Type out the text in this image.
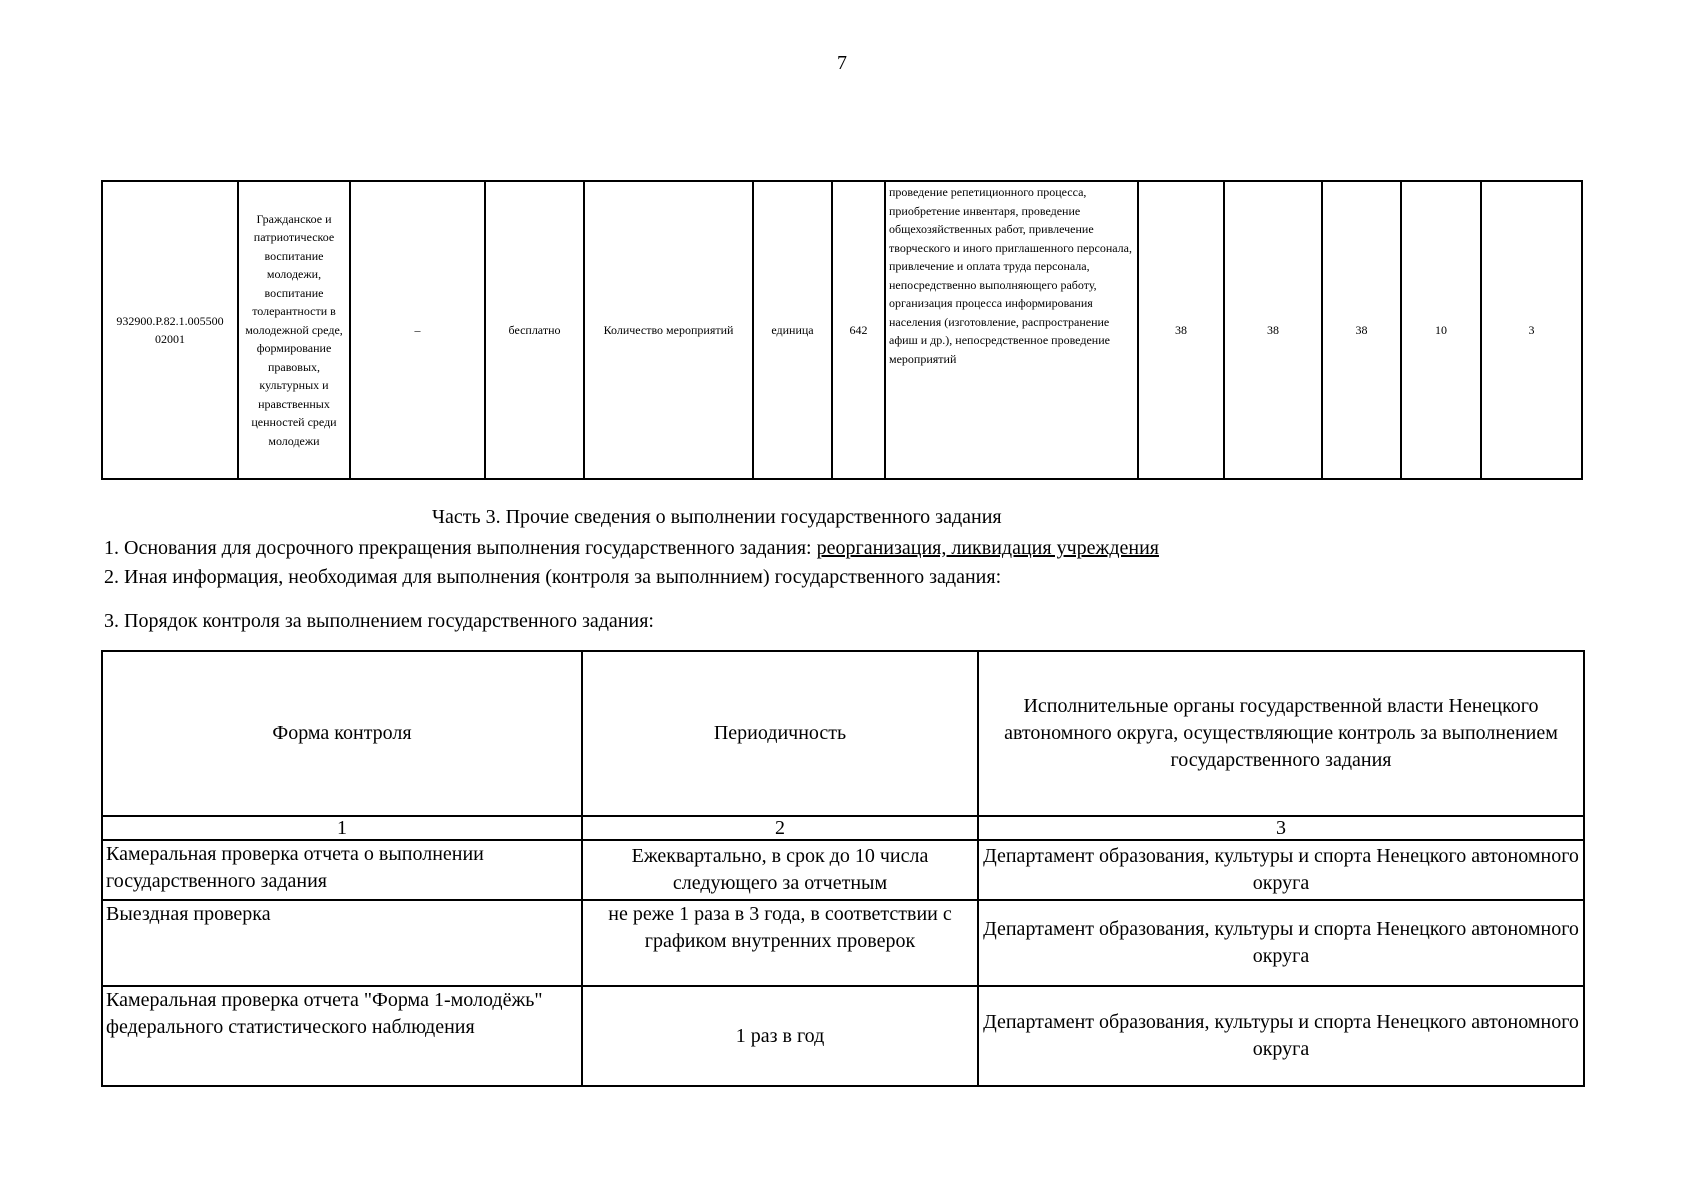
7
932900.Р.82.1.005500 02001	Гражданское и патриотическое воспитание молодежи, воспитание толерантности в молодежной среде, формирование правовых, культурных и нравственных ценностей среди молодежи	–	бесплатно	Количество мероприятий	единица	642	проведение репетиционного процесса, приобретение инвентаря, проведение общехозяйственных работ, привлечение творческого и иного приглашенного персонала, привлечение и оплата труда персонала, непосредственно выполняющего работу, организация процесса информирования населения (изготовление, распространение афиш и др.), непосредственное проведение мероприятий	38	38	38	10	3
Часть 3. Прочие сведения о выполнении государственного задания
1. Основания для досрочного прекращения выполнения государственного задания: реорганизация, ликвидация учреждения
2. Иная информация, необходимая для выполнения (контроля за выполннием) государственного задания:
3. Порядок контроля за выполнением государственного задания:
Форма контроля	Периодичность	Исполнительные органы государственной власти Ненецкого автономного округа, осуществляющие контроль за выполнением государственного задания
1	2	3
Камеральная проверка отчета о выполнении государственного задания	Ежеквартально, в срок до 10 числа следующего за отчетным	Департамент образования, культуры и спорта Ненецкого автономного округа
Выездная проверка	не реже 1 раза в 3 года, в соответствии с графиком внутренних проверок	Департамент образования, культуры и спорта Ненецкого автономного округа
Камеральная проверка отчета "Форма 1-молодёжь" федерального статистического наблюдения	1 раз в год	Департамент образования, культуры и спорта Ненецкого автономного округа
